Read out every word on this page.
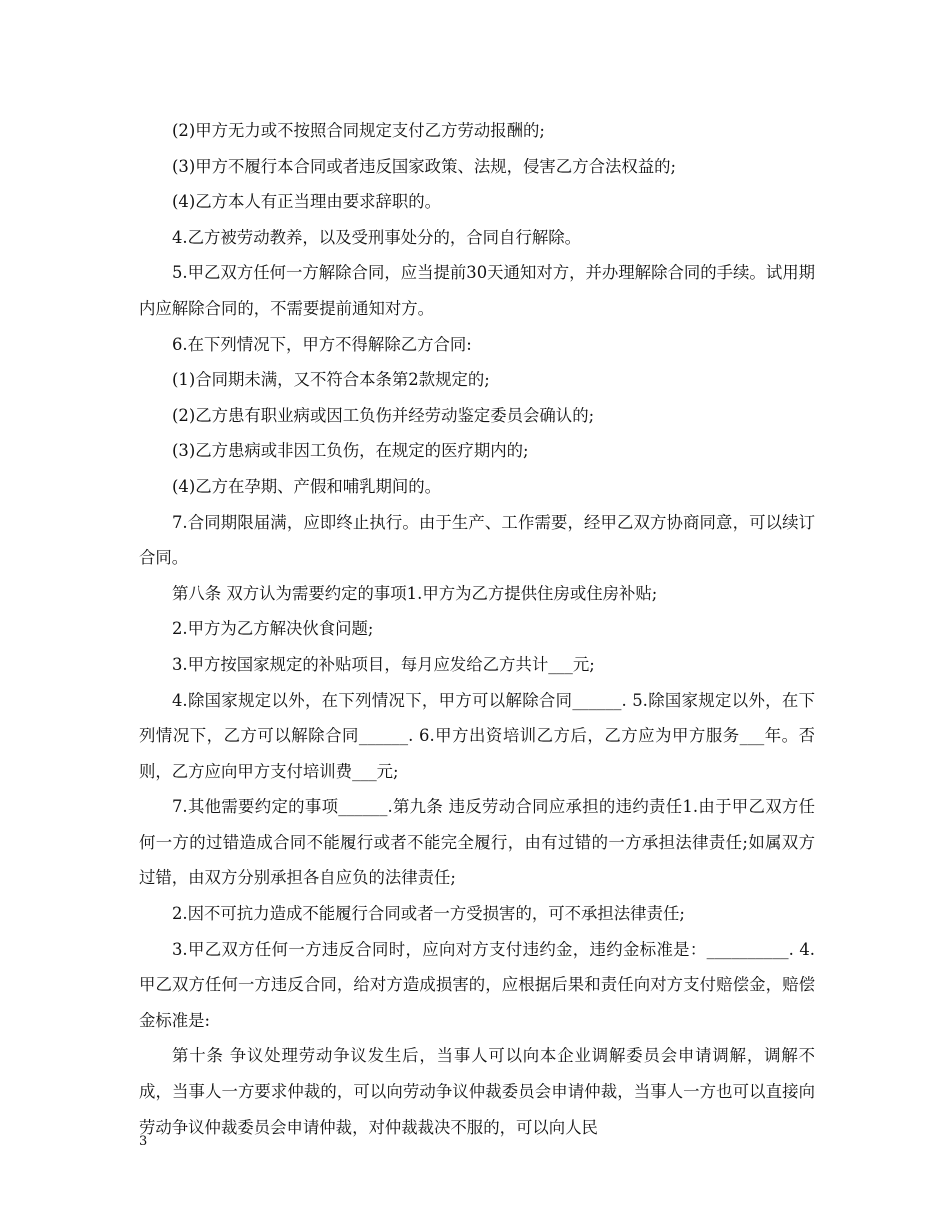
(2)甲方无力或不按照合同规定支付乙方劳动报酬的;

(3)甲方不履行本合同或者违反国家政策、法规，侵害乙方合法权益的;

(4)乙方本人有正当理由要求辞职的。

4.乙方被劳动教养，以及受刑事处分的，合同自行解除。

5.甲乙双方任何一方解除合同，应当提前30天通知对方，并办理解除合同的手续。试用期内应解除合同的，不需要提前通知对方。

6.在下列情况下，甲方不得解除乙方合同:

(1)合同期未满，又不符合本条第2款规定的;

(2)乙方患有职业病或因工负伤并经劳动鉴定委员会确认的;

(3)乙方患病或非因工负伤，在规定的医疗期内的;

(4)乙方在孕期、产假和哺乳期间的。

7.合同期限届满，应即终止执行。由于生产、工作需要，经甲乙双方协商同意，可以续订合同。

第八条 双方认为需要约定的事项1.甲方为乙方提供住房或住房补贴;

2.甲方为乙方解决伙食问题;

3.甲方按国家规定的补贴项目，每月应发给乙方共计___元;

4.除国家规定以外，在下列情况下，甲方可以解除合同______. 5.除国家规定以外，在下列情况下，乙方可以解除合同______. 6.甲方出资培训乙方后，乙方应为甲方服务___年。否则，乙方应向甲方支付培训费___元;

7.其他需要约定的事项______.第九条 违反劳动合同应承担的违约责任1.由于甲乙双方任何一方的过错造成合同不能履行或者不能完全履行，由有过错的一方承担法律责任;如属双方过错，由双方分别承担各自应负的法律责任;

2.因不可抗力造成不能履行合同或者一方受损害的，可不承担法律责任;

3.甲乙双方任何一方违反合同时，应向对方支付违约金，违约金标准是：__________. 4.甲乙双方任何一方违反合同，给对方造成损害的，应根据后果和责任向对方支付赔偿金，赔偿金标准是:

第十条 争议处理劳动争议发生后，当事人可以向本企业调解委员会申请调解，调解不成，当事人一方要求仲裁的，可以向劳动争议仲裁委员会申请仲裁，当事人一方也可以直接向劳动争议仲裁委员会申请仲裁，对仲裁裁决不服的，可以向人民

3
